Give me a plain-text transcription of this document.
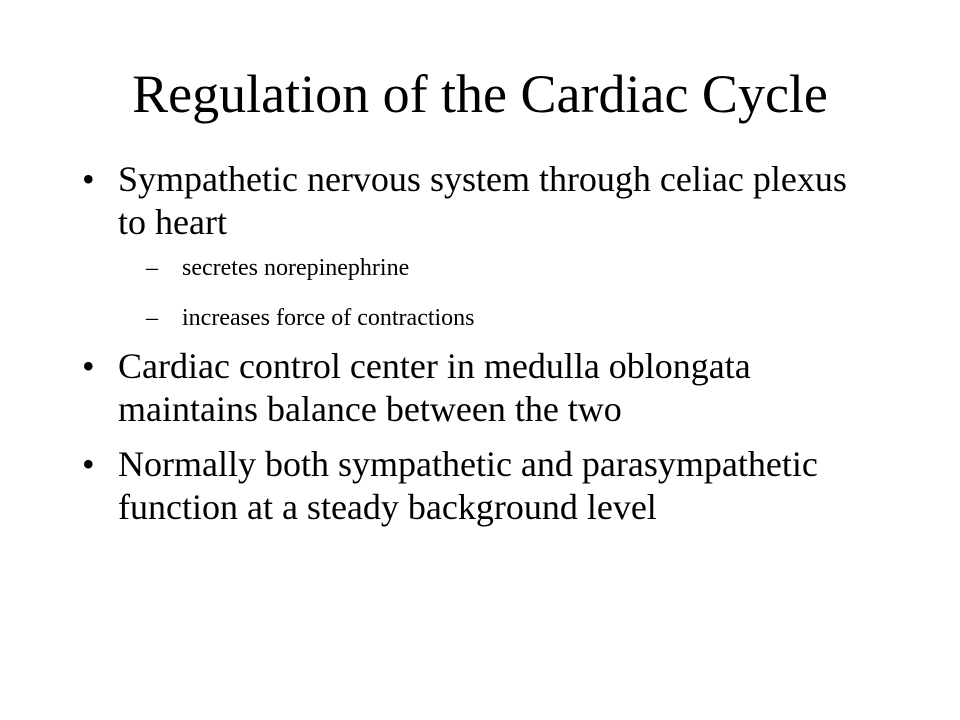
Regulation of the Cardiac Cycle
• Sympathetic nervous system through celiac plexus to heart
– secretes norepinephrine
– increases force of contractions
• Cardiac control center in medulla oblongata maintains balance between the two
• Normally both sympathetic and parasympathetic function at a steady background level
